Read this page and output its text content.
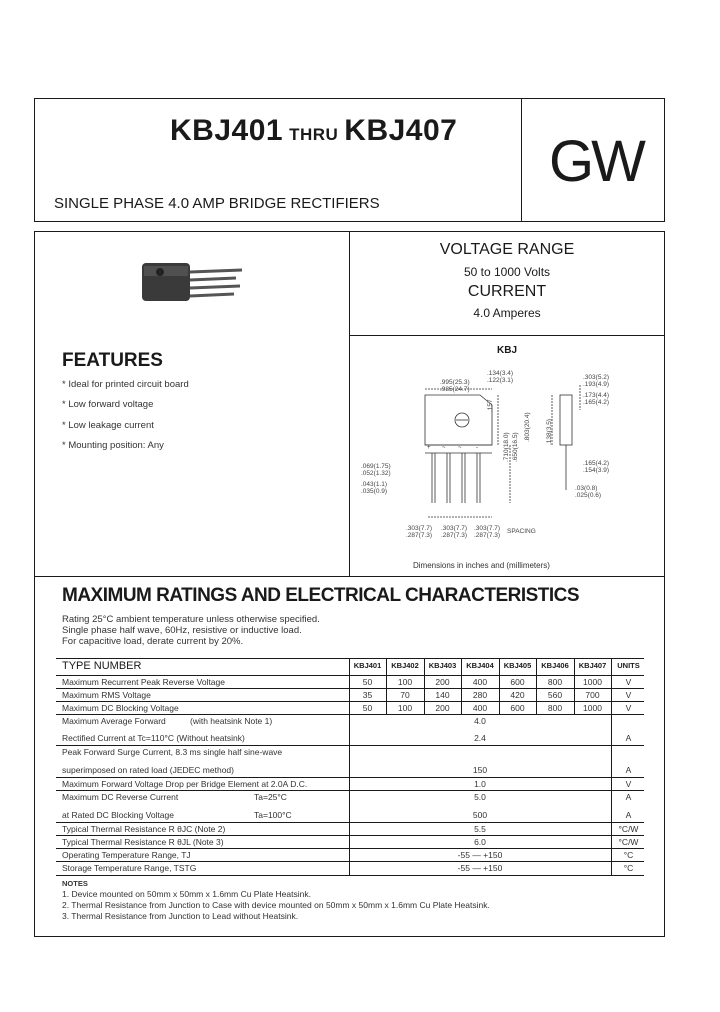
KBJ401 THRU KBJ407
SINGLE PHASE 4.0 AMP BRIDGE RECTIFIERS
GW
VOLTAGE RANGE
50 to 1000 Volts
CURRENT
4.0 Amperes
FEATURES
* Ideal for printed circuit board
* Low forward voltage
* Low leakage current
* Mounting position: Any
KBJ
+ ~ ~ -
.134(3.4)
.122(3.1)
.995(25.3)
.985(24.7)
.303(5.2)
.193(4.9)
.173(4.4)
.165(4.2)
.165(4.2)
.154(3.9)
.03(0.8)
.025(0.6)
.069(1.75)
.052(1.32)
.043(1.1)
.035(0.9)
.303(7.7)
.287(7.3)
.303(7.7)
.287(7.3)
.303(7.7)
.287(7.3)
SPACING
.157
.710(18.0) .650(16.5)
.803(20.4) .138(3.5)
Dimensions in inches and (millimeters)
MAXIMUM RATINGS AND ELECTRICAL CHARACTERISTICS
Rating 25°C ambient temperature unless otherwise specified.
Single phase half wave, 60Hz, resistive or inductive load.
For capacitive load, derate current by 20%.
TYPE NUMBER	KBJ401	KBJ402	KBJ403	KBJ404	KBJ405	KBJ406	KBJ407	UNITS
Maximum Recurrent Peak Reverse Voltage	50	100	200	400	600	800	1000	V
Maximum RMS Voltage	35	70	140	280	420	560	700	V
Maximum DC Blocking Voltage	50	100	200	400	600	800	1000	V
Maximum Average Forward	(with heatsink Note 1)	4.0
Rectified Current at Tc=110°C (Without heatsink)	2.4	A
Peak Forward Surge Current, 8.3 ms single half sine-wave
superimposed on rated load (JEDEC method)	150	A
Maximum Forward Voltage Drop per Bridge Element at 2.0A D.C.	1.0	V
Maximum DC Reverse Current	Ta=25°C	5.0	A
at Rated DC Blocking Voltage	Ta=100°C	500	A
Typical Thermal Resistance R θJC (Note 2)	5.5	°C/W
Typical Thermal Resistance R θJL (Note 3)	6.0	°C/W
Operating Temperature Range, TJ	-55 — +150	°C
Storage Temperature Range, TSTG	-55 — +150	°C
NOTES
1. Device mounted on 50mm x 50mm x 1.6mm Cu Plate Heatsink.
2. Thermal Resistance from Junction to Case with device mounted on 50mm x 50mm x 1.6mm Cu Plate Heatsink.
3. Thermal Resistance from Junction to Lead without Heatsink.
